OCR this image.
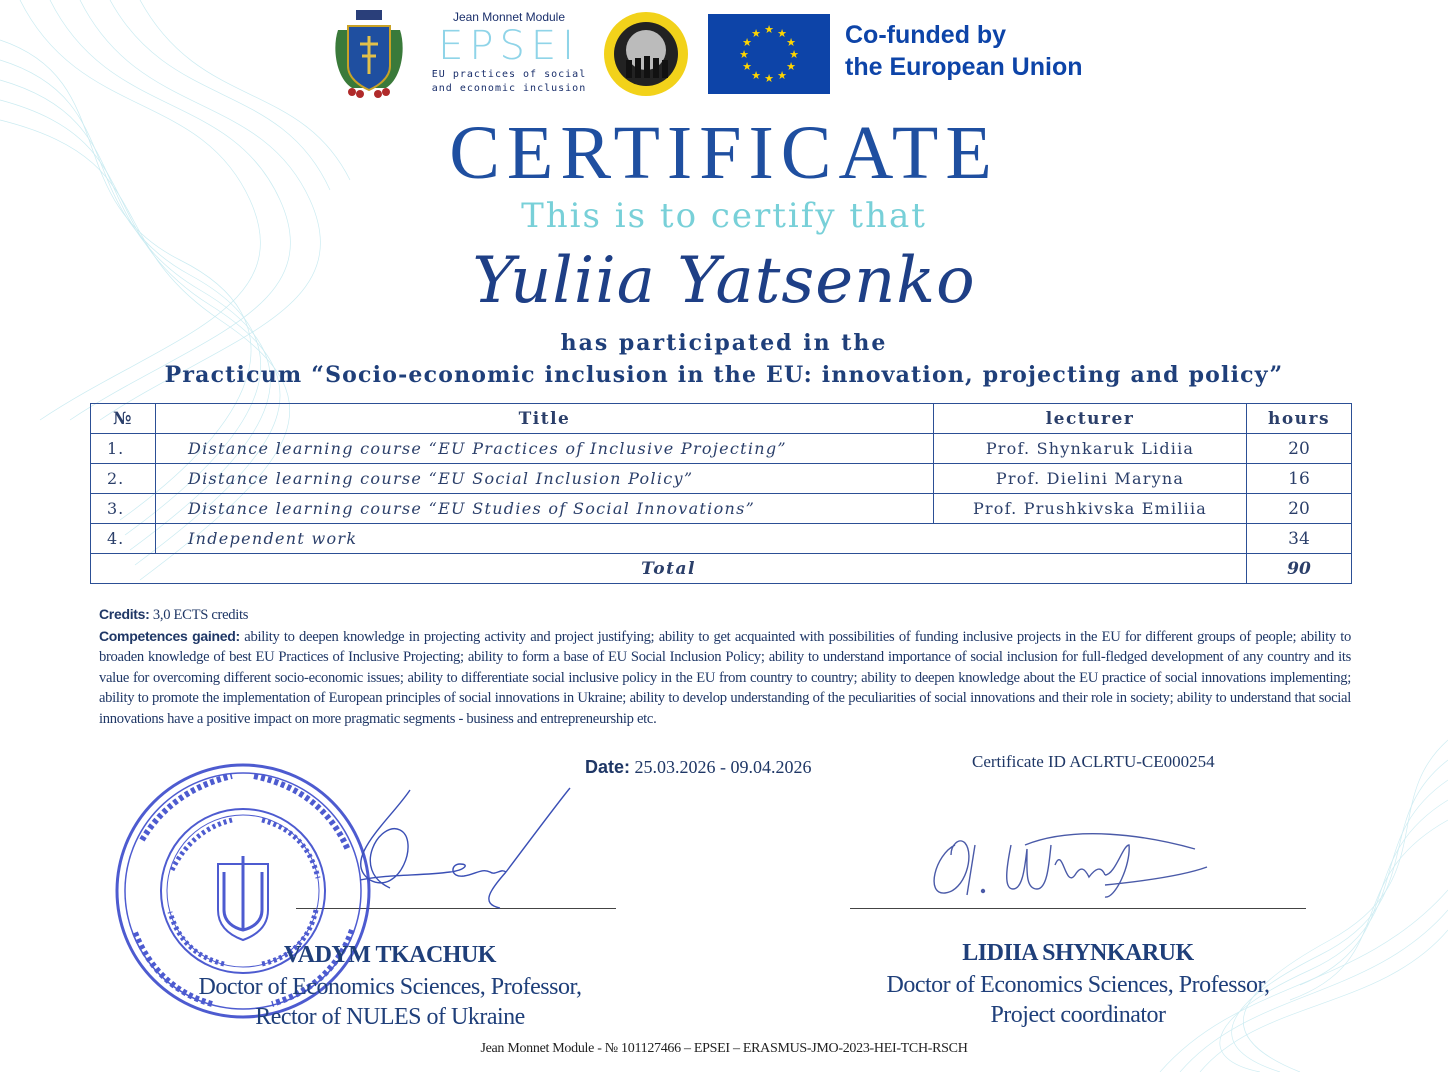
Jean Monnet Module
EPSEI
EU practices of social
and economic inclusion
★ ★
★
★
★
★
★
★
★
★
★
★	Co-funded by
the European Union
CERTIFICATE
This is to certify that
Yuliia Yatsenko
has participated in the
Practicum “Socio-economic inclusion in the EU: innovation, projecting and policy”
№	Title	lecturer	hours
1.	Distance learning course “EU Practices of Inclusive Projecting”	Prof. Shynkaruk Lidiia	20
2.	Distance learning course “EU Social Inclusion Policy”	Prof. Dielini Maryna	16
3.	Distance learning course “EU Studies of Social Innovations”	Prof. Prushkivska Emiliia	20
4.	Independent work		34
Total			90
Credits: 3,0 ECTS credits
Competences gained: ability to deepen knowledge in projecting activity and project justifying; ability to get acquainted with possibilities of funding inclusive projects in the EU for different groups of people; ability to broaden knowledge of best EU Practices of Inclusive Projecting; ability to form a base of EU Social Inclusion Policy; ability to understand importance of social inclusion for full-fledged development of any country and its value for overcoming different socio-economic issues; ability to differentiate social inclusive policy in the EU from country to country; ability to deepen knowledge about the EU practice of social innovations implementing; ability to promote the implementation of European principles of social innovations in Ukraine; ability to develop understanding of the peculiarities of social innovations and their role in society; ability to understand that social innovations have a positive impact on more pragmatic segments - business and entrepreneurship etc.
Date: 25.03.2026 - 09.04.2026	Certificate ID ACLRTU-CE000254
VADYM TKACHUK
Doctor of Economics Sciences, Professor,
Rector of NULES of Ukraine
LIDIIA SHYNKARUK
Doctor of Economics Sciences, Professor,
Project coordinator
Jean Monnet Module - № 101127466 – EPSEI – ERASMUS-JMO-2023-HEI-TCH-RSCH
